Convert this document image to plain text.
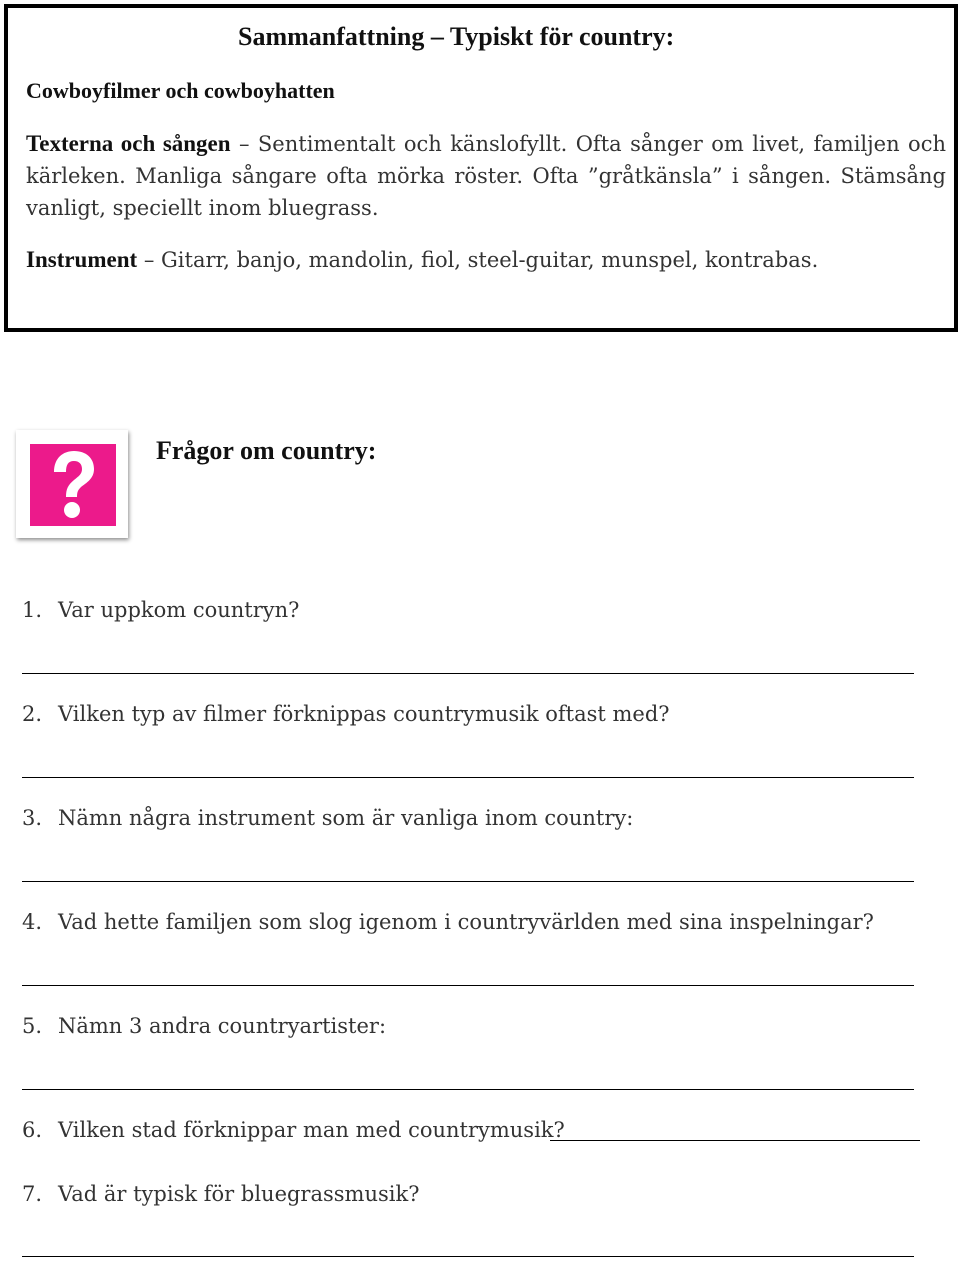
Sammanfattning – Typiskt för country:

Cowboyfilmer och cowboyhatten

Texterna och sången – Sentimentalt och känslofyllt. Ofta sånger om livet, familjen och kärleken. Manliga sångare ofta mörka röster. Ofta ”gråtkänsla” i sången. Stämsång vanligt, speciellt inom bluegrass.

Instrument – Gitarr, banjo, mandolin, fiol, steel-guitar, munspel, kontrabas.

Frågor om country:

1. Var uppkom countryn?

2. Vilken typ av filmer förknippas countrymusik oftast med?

3. Nämn några instrument som är vanliga inom country:

4. Vad hette familjen som slog igenom i countryvärlden med sina inspelningar?

5. Nämn 3 andra countryartister:

6. Vilken stad förknippar man med countrymusik?

7. Vad är typisk för bluegrassmusik?
